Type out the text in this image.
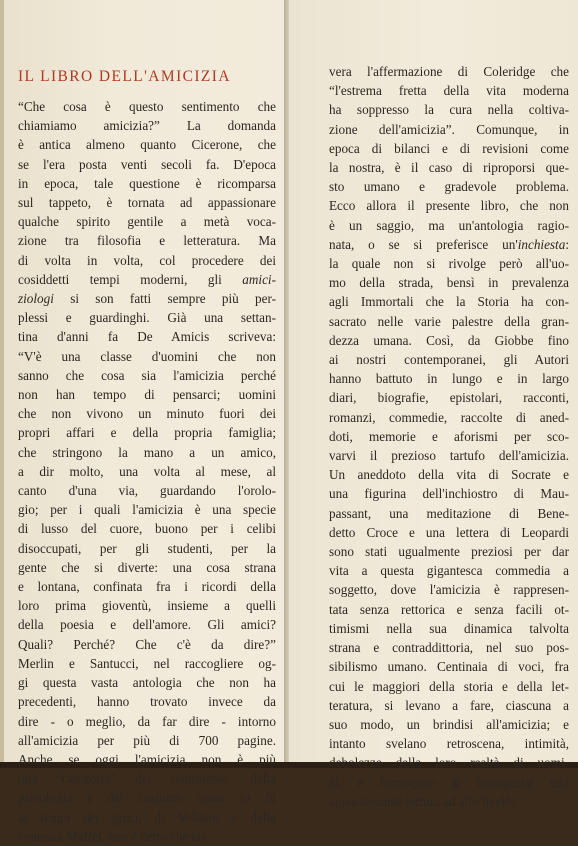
IL LIBRO DELL'AMICIZIA
“Che cosa è questo sentimento che
chiamiamo amicizia?” La domanda
è antica almeno quanto Cicerone, che
se l'era posta venti secoli fa. D'epoca
in epoca, tale questione è ricomparsa
sul tappeto, è tornata ad appassionare
qualche spirito gentile a metà voca-
zione tra filosofia e letteratura. Ma
di volta in volta, col procedere dei
cosiddetti tempi moderni, gli amici-
ziologi si son fatti sempre più per-
plessi e guardinghi. Già una settan-
tina d'anni fa De Amicis scriveva:
“V'è una classe d'uomini che non
sanno che cosa sia l'amicizia perché
non han tempo di pensarci; uomini
che non vivono un minuto fuori dei
propri affari e della propria famiglia;
che stringono la mano a un amico,
a dir molto, una volta al mese, al
canto d'una via, guardando l'orolo-
gio; per i quali l'amicizia è una specie
di lusso del cuore, buono per i celibi
disoccupati, per gli studenti, per la
gente che si diverte: una cosa strana
e lontana, confinata fra i ricordi della
loro prima gioventù, insieme a quelli
della poesia e dell'amore. Gli amici?
Quali? Perché? Che c'è da dire?”
Merlin e Santucci, nel raccogliere og-
gi questa vasta antologia che non ha
precedenti, hanno trovato invece da
dire - o meglio, da far dire - intorno
all'amicizia per più di 700 pagine.
Anche se oggi l'amicizia non è più
una “categoria” del sentimento, della
psicologia e del costume come lo fu
ai tempi dei greci, di Voltaire e della
contessa Maffei, non è detto che sia
vera l'affermazione di Coleridge che
“l'estrema fretta della vita moderna
ha soppresso la cura nella coltiva-
zione dell'amicizia”. Comunque, in
epoca di bilanci e di revisioni come
la nostra, è il caso di riproporsi que-
sto umano e gradevole problema.
Ecco allora il presente libro, che non
è un saggio, ma un'antologia ragio-
nata, o se si preferisce un'inchiesta:
la quale non si rivolge però all'uo-
mo della strada, bensì in prevalenza
agli Immortali che la Storia ha con-
sacrato nelle varie palestre della gran-
dezza umana. Così, da Giobbe fino
ai nostri contemporanei, gli Autori
hanno battuto in lungo e in largo
diari, biografie, epistolari, racconti,
romanzi, commedie, raccolte di aned-
doti, memorie e aforismi per sco-
varvi il prezioso tartufo dell'amicizia.
Un aneddoto della vita di Socrate e
una figurina dell'inchiostro di Mau-
passant, una meditazione di Bene-
detto Croce e una lettera di Leopardi
sono stati ugualmente preziosi per dar
vita a questa gigantesca commedia a
soggetto, dove l'amicizia è rappresen-
tata senza rettorica e senza facili ot-
timismi nella sua dinamica talvolta
strana e contraddittoria, nel suo pos-
sibilismo umano. Centinaia di voci, fra
cui le maggiori della storia e della let-
teratura, si levano a fare, ciascuna a
suo modo, un brindisi all'amicizia; e
intanto svelano retroscena, intimità,
debolezze della loro realtà di uomi-
ni, e forniscono ai buongustai una
appassionante lettura ad alto livello.
